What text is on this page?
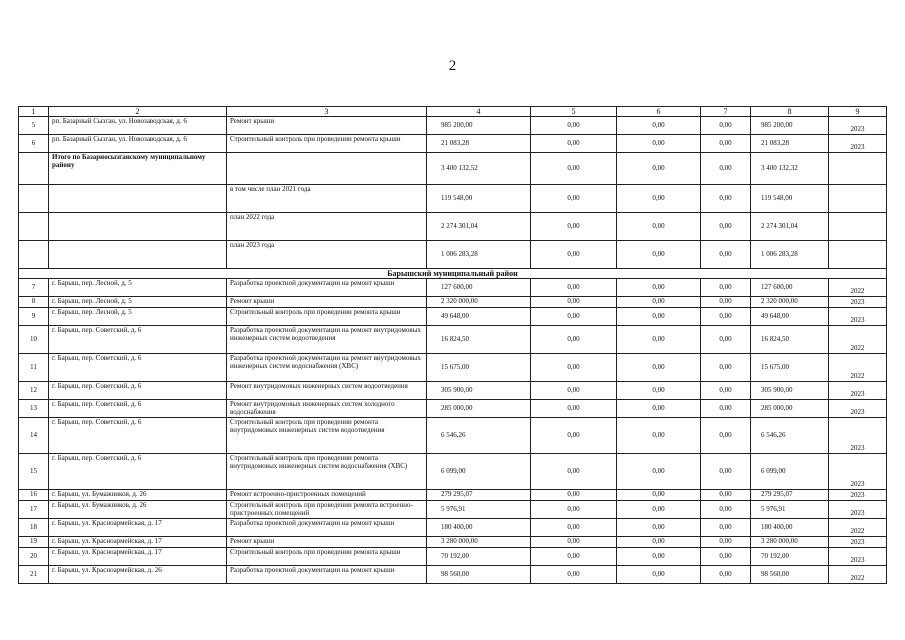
2
1	2	3	4	5	6	7	8	9
5	рп. Базарный Сызган, ул. Новозаводская, д. 6	Ремонт крыши	985 200,00	0,00	0,00	0,00	985 200,00	2023
6	рп. Базарный Сызган, ул. Новозаводская, д. 6	Строительный контроль при проведении ремонта крыши	21 083,28	0,00	0,00	0,00	21 083,28	2023
	Итого по Базарносызганскому муниципальному району		3 400 132,52	0,00	0,00	0,00	3 400 132,32	
		в том числе план 2021 года	119 548,00	0,00	0,00	0,00	119 548,00	
		план 2022 года	2 274 301,04	0,00	0,00	0,00	2 274 301,04	
		план 2023 года	1 006 283,28	0,00	0,00	0,00	1 006 283,28	
Барышский муниципальный район								
7	г. Барыш, пер. Лесной, д. 5	Разработка проектной документации на ремонт крыши	127 600,00	0,00	0,00	0,00	127 600,00	2022
8	г. Барыш, пер. Лесной, д. 5	Ремонт крыши	2 320 000,00	0,00	0,00	0,00	2 320 000,00	2023
9	г. Барыш, пер. Лесной, д. 5	Строительный контроль при проведении ремонта крыши	49 648,00	0,00	0,00	0,00	49 648,00	2023
10	г. Барыш, пер. Советский, д. 6	Разработка проектной документации на ремонт внутридомовых инженерных систем водоотведения	16 824,50	0,00	0,00	0,00	16 824,50	2022
11	г. Барыш, пер. Советский, д. 6	Разработка проектной документации на ремонт внутридомовых инженерных систем водоснабжения (ХВС)	15 675,00	0,00	0,00	0,00	15 675,00	2022
12	г. Барыш, пер. Советский, д. 6	Ремонт внутридомовых инженерных систем водоотведения	305 900,00	0,00	0,00	0,00	305 900,00	2023
13	г. Барыш, пер. Советский, д. 6	Ремонт внутридомовых инженерных систем холодного водоснабжения	285 000,00	0,00	0,00	0,00	285 000,00	2023
14	г. Барыш, пер. Советский, д. 6	Строительный контроль при проведении ремонта внутридомовых инженерных систем водоотведения	6 546,26	0,00	0,00	0,00	6 546,26	2023
15	г. Барыш, пер. Советский, д. 6	Строительный контроль при проведении ремонта внутридомовых инженерных систем водоснабжения (ХВС)	6 099,00	0,00	0,00	0,00	6 099,00	2023
16	г. Барыш, ул. Бумажников, д. 26	Ремонт встроенно-пристроенных помещений	279 295,07	0,00	0,00	0,00	279 295,07	2023
17	г. Барыш, ул. Бумажников, д. 26	Строительный контроль при проведении ремонта встроенно-пристроенных помещений	5 976,91	0,00	0,00	0,00	5 976,91	2023
18	г. Барыш, ул. Красноармейская, д. 17	Разработка проектной документации на ремонт крыши	180 400,00	0,00	0,00	0,00	180 400,00	2022
19	г. Барыш, ул. Красноармейская, д. 17	Ремонт крыши	3 280 000,00	0,00	0,00	0,00	3 280 000,00	2023
20	г. Барыш, ул. Красноармейская, д. 17	Строительный контроль при проведении ремонта крыши	70 192,00	0,00	0,00	0,00	70 192,00	2023
21	г. Барыш, ул. Красноармейская, д. 26	Разработка проектной документации на ремонт крыши	98 560,00	0,00	0,00	0,00	98 560,00	2022
